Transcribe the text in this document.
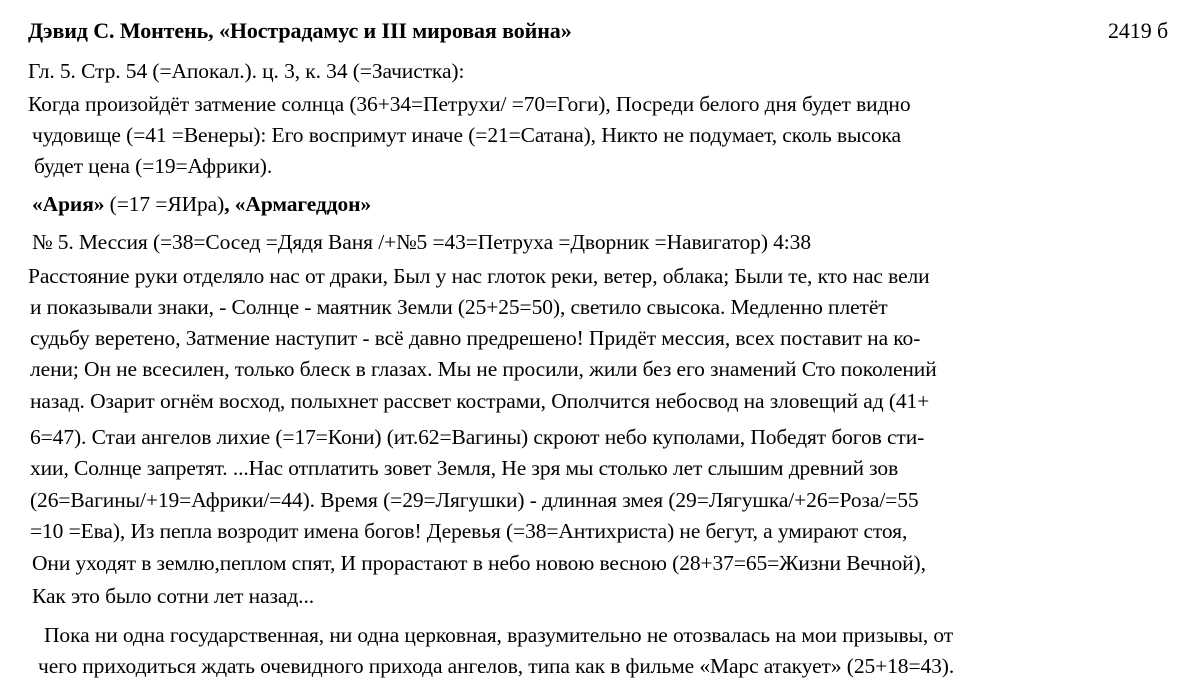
Дэвид С. Монтень, «Нострадамус и III мировая война»	2419 б
Гл. 5. Стр. 54 (=Апокал.). ц. 3, к. 34 (=Зачистка):
Когда произойдёт затмение солнца (36+34=Петрухи/ =70=Гоги), Посреди белого дня будет видно
чудовище (=41 =Венеры): Его воспримут иначе (=21=Сатана), Никто не подумает, сколь высока
будет цена (=19=Африки).
«Ария» (=17 =ЯИра), «Армагеддон»
№ 5. Мессия (=38=Сосед =Дядя Ваня /+№5 =43=Петруха =Дворник =Навигатор) 4:38
Расстояние руки отделяло нас от драки, Был у нас глоток реки, ветер, облака; Были те, кто нас вели
и показывали знаки, - Солнце - маятник Земли (25+25=50), светило свысока. Медленно плетёт
судьбу веретено, Затмение наступит - всё давно предрешено! Придёт мессия, всех поставит на ко-
лени; Он не всесилен, только блеск в глазах. Мы не просили, жили без его знамений Сто поколений
назад. Озарит огнём восход, полыхнет рассвет кострами, Ополчится небосвод на зловещий ад (41+
6=47). Стаи ангелов лихие (=17=Кони) (ит.62=Вагины) скроют небо куполами, Победят богов сти-
хии, Солнце запретят. ...Нас отплатить зовет Земля, Не зря мы столько лет слышим древний зов
(26=Вагины/+19=Африки/=44). Время (=29=Лягушки) - длинная змея (29=Лягушка/+26=Роза/=55
=10 =Ева), Из пепла возродит имена богов! Деревья (=38=Антихриста) не бегут, а умирают стоя,
Они уходят в землю,пеплом спят, И прорастают в небо новою весною (28+37=65=Жизни Вечной),
Как это было сотни лет назад...
Пока ни одна государственная, ни одна церковная, вразумительно не отозвалась на мои призывы, от
чего приходиться ждать очевидного прихода ангелов, типа как в фильме «Марс атакует» (25+18=43).
